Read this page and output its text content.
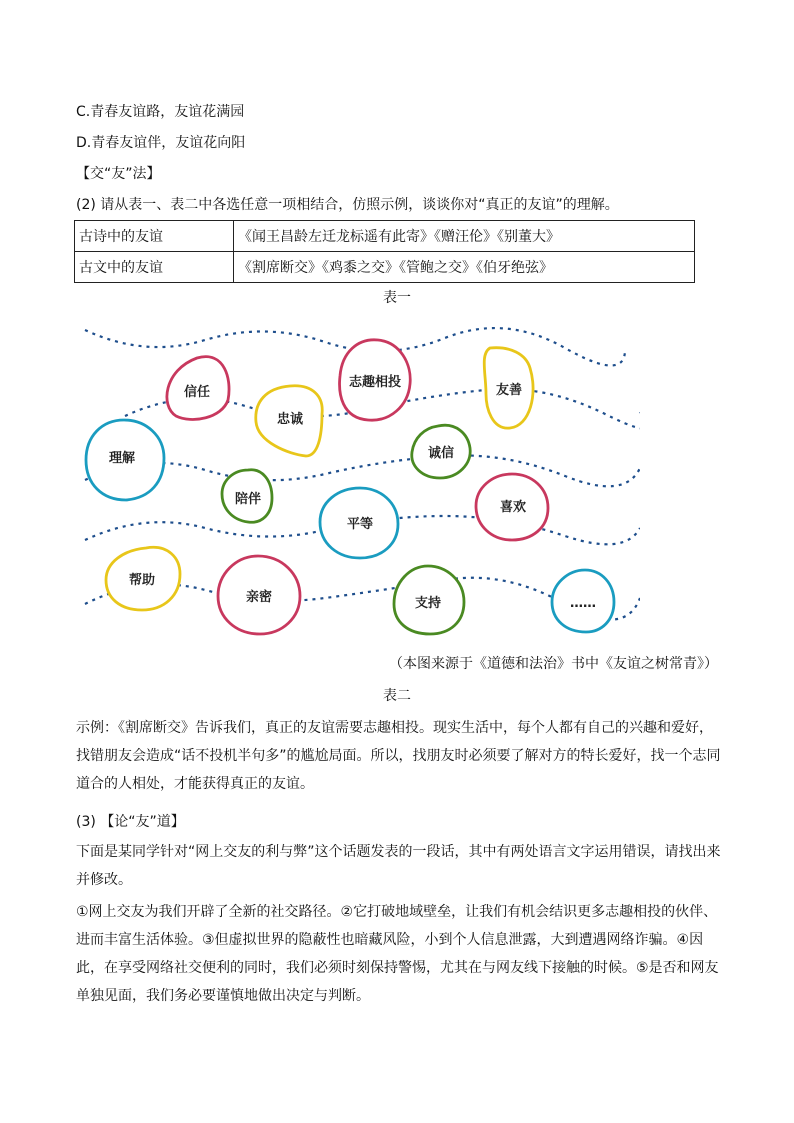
C.青春友谊路，友谊花满园
D.青春友谊伴，友谊花向阳
【交“友”法】
(2) 请从表一、表二中各选任意一项相结合，仿照示例，谈谈你对“真正的友谊”的理解。
古诗中的友谊	《闻王昌龄左迁龙标遥有此寄》《赠汪伦》《别董大》
古文中的友谊	《割席断交》《鸡黍之交》《管鲍之交》《伯牙绝弦》
表一
信任
志趣相投
友善
忠诚
理解	诚信
陪伴
平等
喜欢
帮助
亲密	支持	……
（本图来源于《道德和法治》书中《友谊之树常青》）
表二
示例：《割席断交》告诉我们，真正的友谊需要志趣相投。现实生活中，每个人都有自己的兴趣和爱好，找错朋友会造成“话不投机半句多”的尴尬局面。所以，找朋友时必须要了解对方的特长爱好，找一个志同道合的人相处，才能获得真正的友谊。
(3) 【论“友”道】
下面是某同学针对“网上交友的利与弊”这个话题发表的一段话，其中有两处语言文字运用错误，请找出来并修改。
①网上交友为我们开辟了全新的社交路径。②它打破地域壁垒，让我们有机会结识更多志趣相投的伙伴、进而丰富生活体验。③但虚拟世界的隐蔽性也暗藏风险，小到个人信息泄露，大到遭遇网络诈骗。④因此，在享受网络社交便利的同时，我们必须时刻保持警惕，尤其在与网友线下接触的时候。⑤是否和网友单独见面，我们务必要谨慎地做出决定与判断。
